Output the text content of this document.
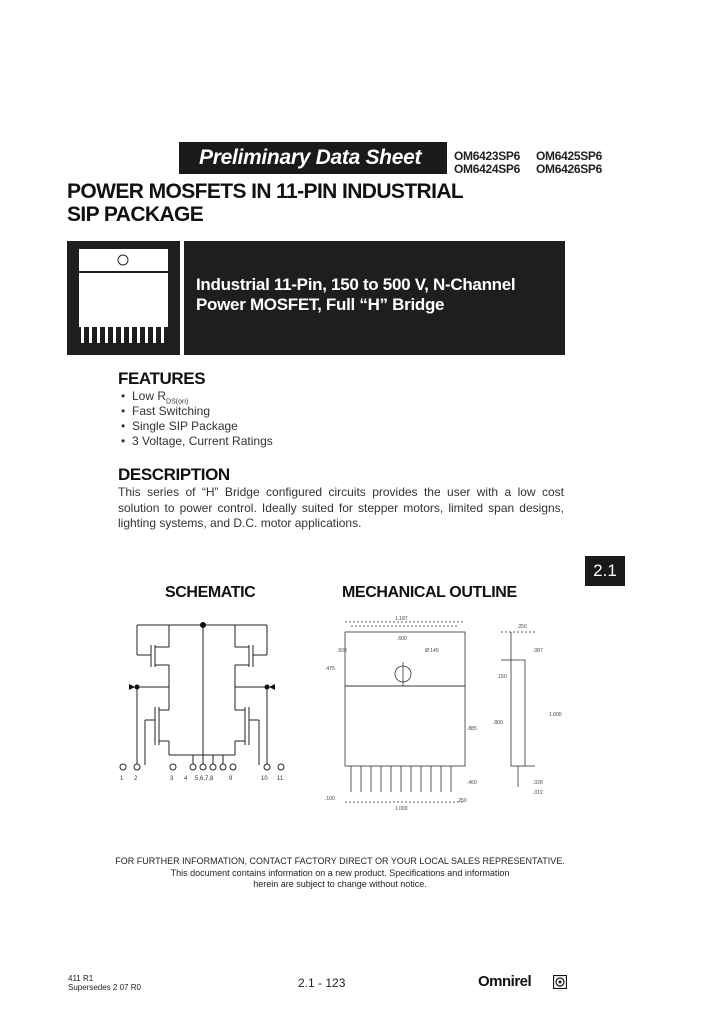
Preliminary Data Sheet	OM6423SP6 OM6425SP6
OM6424SP6 OM6426SP6
POWER MOSFETS IN 11-PIN INDUSTRIAL
SIP PACKAGE
Industrial 11-Pin, 150 to 500 V, N-Channel
Power MOSFET, Full “H” Bridge
FEATURES
• Low $R_{DS(on)}$
• Fast Switching
• Single SIP Package
• 3 Voltage, Current Ratings
DESCRIPTION
This series of “H” Bridge configured circuits provides the user with a low cost solution to power control. Ideally suited for stepper motors, limited span designs, lighting systems, and D.C. motor applications.
2.1
SCHEMATIC
1 2	3 4 5,6,7,8	9	10 11
MECHANICAL OUTLINE
1.187
.600
.500	Ø.145
.475
.885
.250
.087
.150
.800
1.000
.460
.100
.028
.012
1.000
.250
FOR FURTHER INFORMATION, CONTACT FACTORY DIRECT OR YOUR LOCAL SALES REPRESENTATIVE.
This document contains information on a new product. Specifications and information
herein are subject to change without notice.
411 R1
Supersedes 2 07 R0	2.1 - 123	Omnirel
